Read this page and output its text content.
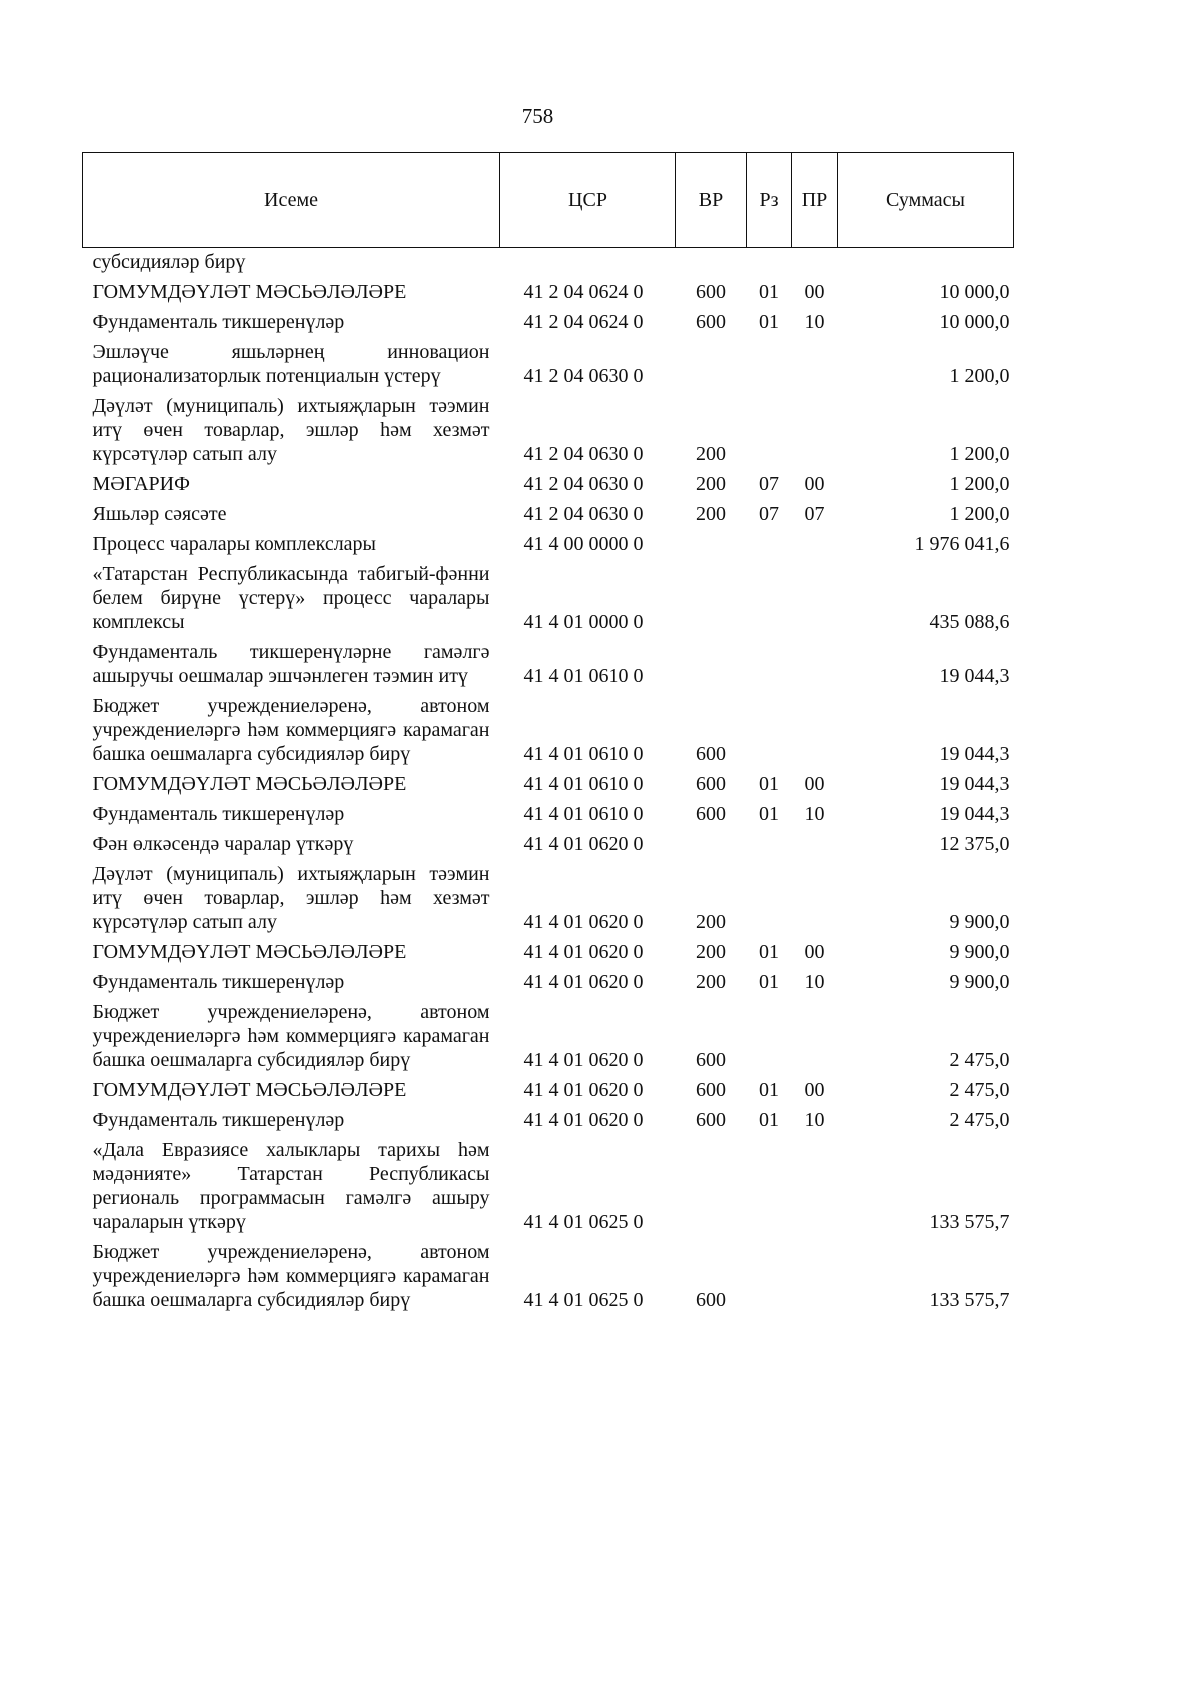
758
Исеме	ЦСР	ВР	Рз	ПР	Суммасы
субсидияләр бирү					
ГОМУМДӘҮЛӘТ МӘСЬӘЛӘЛӘРЕ	41 2 04 0624 0	600	01	00	10 000,0
Фундаменталь тикшеренүләр	41 2 04 0624 0	600	01	10	10 000,0
Эшләүче яшьләрнең инновацион рационализаторлык потенциалын үстерү	41 2 04 0630 0				1 200,0
Дәүләт (муниципаль) ихтыяҗларын тәэмин итү өчен товарлар, эшләр һәм хезмәт күрсәтүләр сатып алу	41 2 04 0630 0	200			1 200,0
МӘГАРИФ	41 2 04 0630 0	200	07	00	1 200,0
Яшьләр сәясәте	41 2 04 0630 0	200	07	07	1 200,0
Процесс чаралары комплекслары	41 4 00 0000 0				1 976 041,6
«Татарстан Республикасында табигый-фәнни белем бирүне үстерү» процесс чаралары комплексы	41 4 01 0000 0				435 088,6
Фундаменталь тикшеренүләрне гамәлгә ашыручы оешмалар эшчәнлеген тәэмин итү	41 4 01 0610 0				19 044,3
Бюджет учреждениеләренә, автоном учреждениеләргә һәм коммерциягә карамаган башка оешмаларга субсидияләр бирү	41 4 01 0610 0	600			19 044,3
ГОМУМДӘҮЛӘТ МӘСЬӘЛӘЛӘРЕ	41 4 01 0610 0	600	01	00	19 044,3
Фундаменталь тикшеренүләр	41 4 01 0610 0	600	01	10	19 044,3
Фән өлкәсендә чаралар үткәрү	41 4 01 0620 0				12 375,0
Дәүләт (муниципаль) ихтыяҗларын тәэмин итү өчен товарлар, эшләр һәм хезмәт күрсәтүләр сатып алу	41 4 01 0620 0	200			9 900,0
ГОМУМДӘҮЛӘТ МӘСЬӘЛӘЛӘРЕ	41 4 01 0620 0	200	01	00	9 900,0
Фундаменталь тикшеренүләр	41 4 01 0620 0	200	01	10	9 900,0
Бюджет учреждениеләренә, автоном учреждениеләргә һәм коммерциягә карамаган башка оешмаларга субсидияләр бирү	41 4 01 0620 0	600			2 475,0
ГОМУМДӘҮЛӘТ МӘСЬӘЛӘЛӘРЕ	41 4 01 0620 0	600	01	00	2 475,0
Фундаменталь тикшеренүләр	41 4 01 0620 0	600	01	10	2 475,0
«Дала Евразиясе халыклары тарихы һәм мәдәнияте» Татарстан Республикасы региональ программасын гамәлгә ашыру чараларын үткәрү	41 4 01 0625 0				133 575,7
Бюджет учреждениеләренә, автоном учреждениеләргә һәм коммерциягә карамаган башка оешмаларга субсидияләр бирү	41 4 01 0625 0	600			133 575,7
